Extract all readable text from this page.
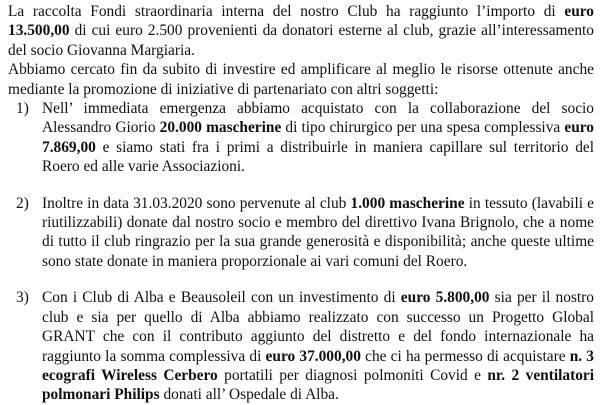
La raccolta Fondi straordinaria interna del nostro Club ha raggiunto l’importo di euro 13.500,00 di cui euro 2.500 provenienti da donatori esterne al club, grazie all’interessamento del socio Giovanna Margiaria.

Abbiamo cercato fin da subito di investire ed amplificare al meglio le risorse ottenute anche mediante la promozione di iniziative di partenariato con altri soggetti:

1) Nell’ immediata emergenza abbiamo acquistato con la collaborazione del socio Alessandro Giorio 20.000 mascherine di tipo chirurgico per una spesa complessiva euro 7.869,00 e siamo stati fra i primi a distribuirle in maniera capillare sul territorio del Roero ed alle varie Associazioni.
2) Inoltre in data 31.03.2020 sono pervenute al club 1.000 mascherine in tessuto (lavabili e riutilizzabili) donate dal nostro socio e membro del direttivo Ivana Brignolo, che a nome di tutto il club ringrazio per la sua grande generosità e disponibilità; anche queste ultime sono state donate in maniera proporzionale ai vari comuni del Roero.
3) Con i Club di Alba e Beausoleil con un investimento di euro 5.800,00 sia per il nostro club e sia per quello di Alba abbiamo realizzato con successo un Progetto Global GRANT che con il contributo aggiunto del distretto e del fondo internazionale ha raggiunto la somma complessiva di euro 37.000,00 che ci ha permesso di acquistare n. 3 ecografi Wireless Cerbero portatili per diagnosi polmoniti Covid e nr. 2 ventilatori polmonari Philips donati all’ Ospedale di Alba.
